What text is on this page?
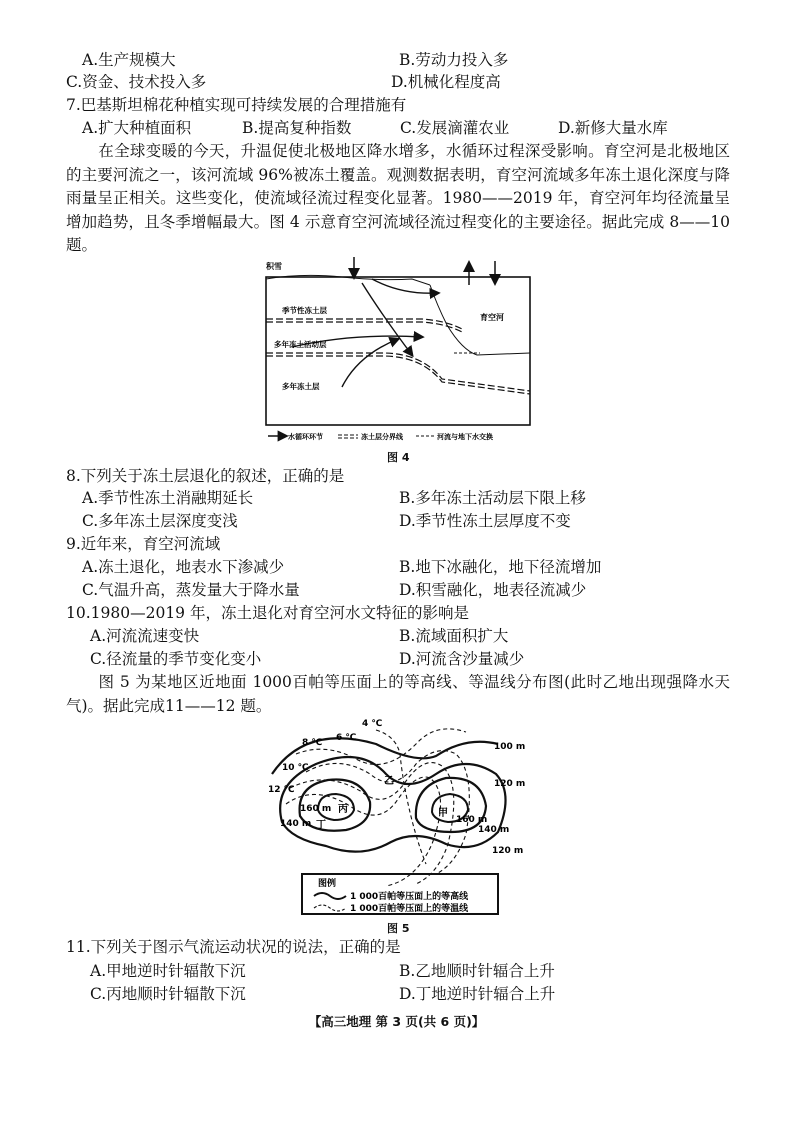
A.生产规模大	B.劳动力投入多
C.资金、技术投入多	D.机械化程度高
7.巴基斯坦棉花种植实现可持续发展的合理措施有
A.扩大种植面积	B.提高复种指数	C.发展滴灌农业	D.新修大量水库
在全球变暖的今天，升温促使北极地区降水增多，水循环过程深受影响。育空河是北极地区的主要河流之一，该河流域 96%被冻土覆盖。观测数据表明，育空河流域多年冻土退化深度与降雨量呈正相关。这些变化，使流域径流过程变化显著。1980——2019 年，育空河年均径流量呈增加趋势，且冬季增幅最大。图 4 示意育空河流域径流过程变化的主要途径。据此完成 8——10 题。
积雪
季节性冻土层
多年冻土活动层
多年冻土层
育空河
水循环环节	冻土层分界线	河流与地下水交换
图 4
8.下列关于冻土层退化的叙述，正确的是
A.季节性冻土消融期延长	B.多年冻土活动层下限上移
C.多年冻土层深度变浅	D.季节性冻土层厚度不变
9.近年来，育空河流域
A.冻土退化，地表水下渗减少	B.地下冰融化，地下径流增加
C.气温升高，蒸发量大于降水量	D.积雪融化，地表径流减少
10.1980—2019 年，冻土退化对育空河水文特征的影响是
A.河流流速变快	B.流域面积扩大
C.径流量的季节变化变小	D.河流含沙量减少
图 5 为某地区近地面 1000百帕等压面上的等高线、等温线分布图(此时乙地出现强降水天气)。据此完成11——12 题。
4 ℃
6 ℃
8 ℃
10 ℃
12 ℃
100 m
120 m
120 m
140 m
140 m
160 m
160 m
丙
丁
乙
甲
图例
1 000百帕等压面上的等高线
1 000百帕等压面上的等温线
图 5
11.下列关于图示气流运动状况的说法，正确的是
A.甲地逆时针辐散下沉	B.乙地顺时针辐合上升
C.丙地顺时针辐散下沉	D.丁地逆时针辐合上升
【高三地理 第 3 页(共 6 页)】
